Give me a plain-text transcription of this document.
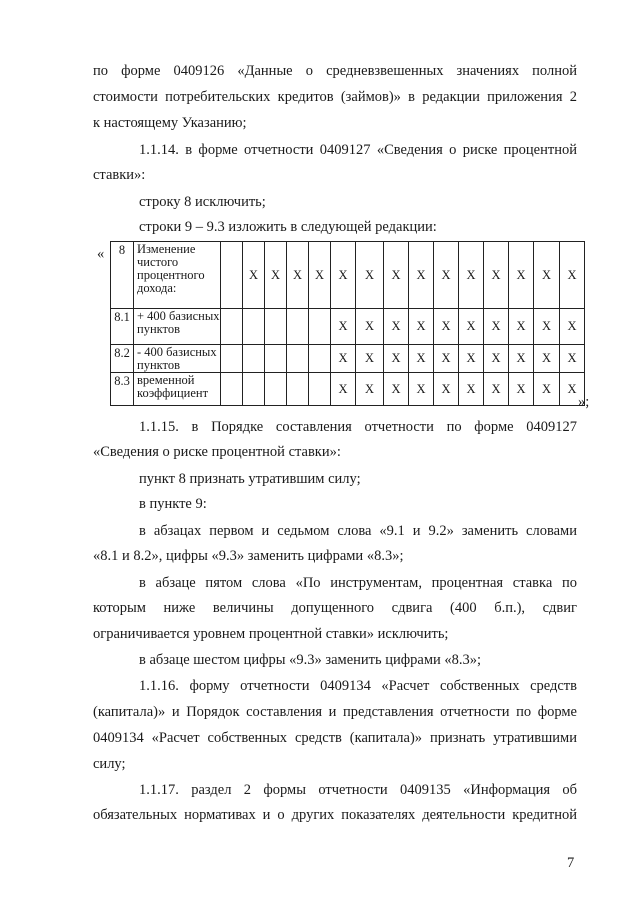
по форме 0409126 «Данные о средневзвешенных значениях полной
стоимости потребительских кредитов (займов)» в редакции приложения 2
к настоящему Указанию;
1.1.14. в форме отчетности 0409127 «Сведения о риске процентной
ставки»:
строку 8 исключить;
строки 9 – 9.3 изложить в следующей редакции:
« 8	Изменение чистого процентного дохода:		Х	Х	Х	Х	Х	Х	Х	Х	Х	Х	Х	Х	Х	Х
8.1	+ 400 базисных пунктов						Х	Х	Х	Х	Х	Х	Х	Х	Х	Х
8.2	- 400 базисных пунктов						Х	Х	Х	Х	Х	Х	Х	Х	Х	Х
8.3	временной коэффициент						Х	Х	Х	Х	Х	Х	Х	Х	Х	Х
»;
1.1.15. в Порядке составления отчетности по форме 0409127
«Сведения о риске процентной ставки»:
пункт 8 признать утратившим силу;
в пункте 9:
в абзацах первом и седьмом слова «9.1 и 9.2» заменить словами
«8.1 и 8.2», цифры «9.3» заменить цифрами «8.3»;
в абзаце пятом слова «По инструментам, процентная ставка по
которым ниже величины допущенного сдвига (400 б.п.), сдвиг
ограничивается уровнем процентной ставки» исключить;
в абзаце шестом цифры «9.3» заменить цифрами «8.3»;
1.1.16. форму отчетности 0409134 «Расчет собственных средств
(капитала)» и Порядок составления и представления отчетности по форме
0409134 «Расчет собственных средств (капитала)» признать утратившими
силу;
1.1.17. раздел 2 формы отчетности 0409135 «Информация об
обязательных нормативах и о других показателях деятельности кредитной
7
